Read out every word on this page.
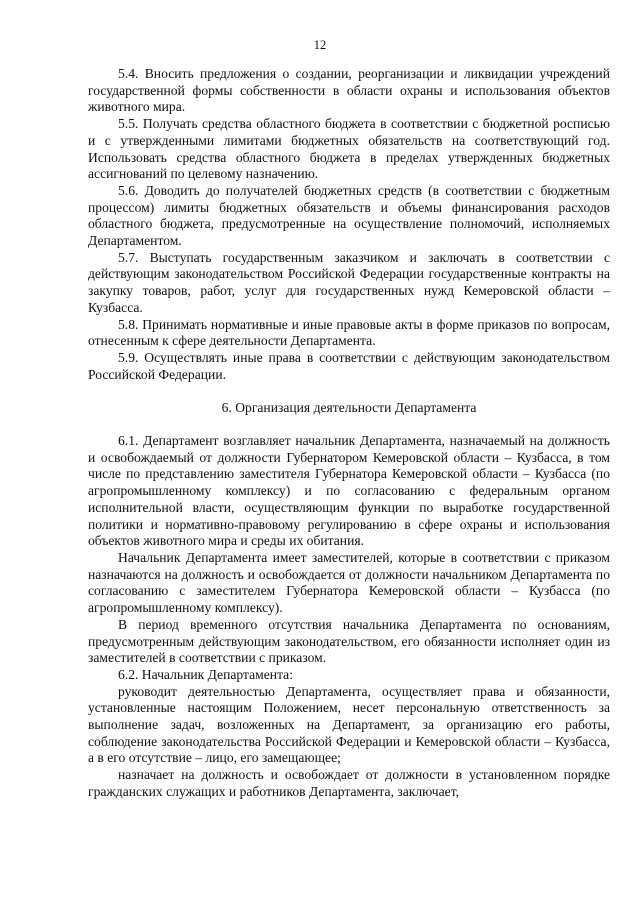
12

5.4. Вносить предложения о создании, реорганизации и ликвидации учреждений государственной формы собственности в области охраны и использования объектов животного мира.

5.5. Получать средства областного бюджета в соответствии с бюджетной росписью и с утвержденными лимитами бюджетных обязательств на соответствующий год. Использовать средства областного бюджета в пределах утвержденных бюджетных ассигнований по целевому назначению.

5.6. Доводить до получателей бюджетных средств (в соответствии с бюджетным процессом) лимиты бюджетных обязательств и объемы финансирования расходов областного бюджета, предусмотренные на осуществление полномочий, исполняемых Департаментом.

5.7. Выступать государственным заказчиком и заключать в соответствии с действующим законодательством Российской Федерации государственные контракты на закупку товаров, работ, услуг для государственных нужд Кемеровской области – Кузбасса.

5.8. Принимать нормативные и иные правовые акты в форме приказов по вопросам, отнесенным к сфере деятельности Департамента.

5.9. Осуществлять иные права в соответствии с действующим законодательством Российской Федерации.

6. Организация деятельности Департамента

6.1. Департамент возглавляет начальник Департамента, назначаемый на должность и освобождаемый от должности Губернатором Кемеровской области – Кузбасса, в том числе по представлению заместителя Губернатора Кемеровской области – Кузбасса (по агропромышленному комплексу) и по согласованию с федеральным органом исполнительной власти, осуществляющим функции по выработке государственной политики и нормативно-правовому регулированию в сфере охраны и использования объектов животного мира и среды их обитания.

Начальник Департамента имеет заместителей, которые в соответствии с приказом назначаются на должность и освобождается от должности начальником Департамента по согласованию с заместителем Губернатора Кемеровской области – Кузбасса (по агропромышленному комплексу).

В период временного отсутствия начальника Департамента по основаниям, предусмотренным действующим законодательством, его обязанности исполняет один из заместителей в соответствии с приказом.

6.2. Начальник Департамента:

руководит деятельностью Департамента, осуществляет права и обязанности, установленные настоящим Положением, несет персональную ответственность за выполнение задач, возложенных на Департамент, за организацию его работы, соблюдение законодательства Российской Федерации и Кемеровской области – Кузбасса, а в его отсутствие – лицо, его замещающее;

назначает на должность и освобождает от должности в установленном порядке гражданских служащих и работников Департамента, заключает,
